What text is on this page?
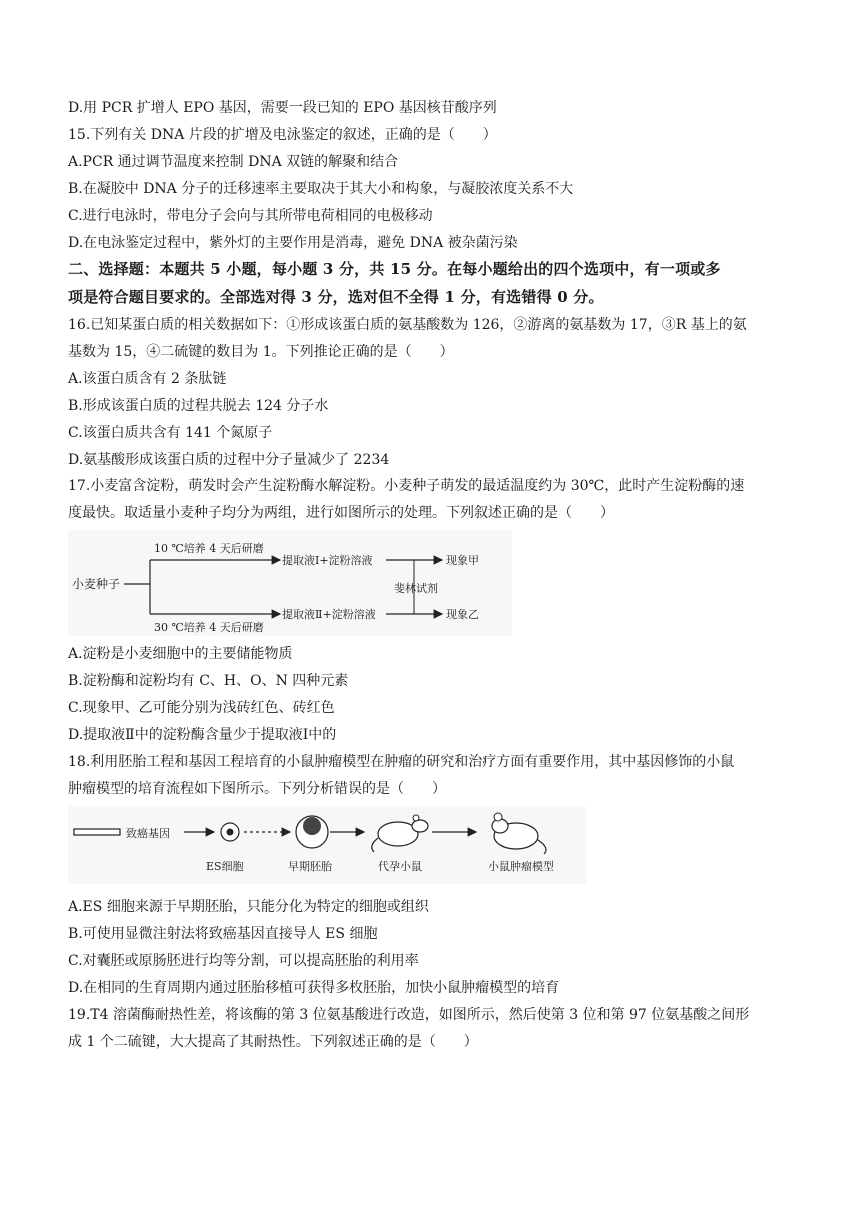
D.用 PCR 扩增人 EPO 基因，需要一段已知的 EPO 基因核苷酸序列
15.下列有关 DNA 片段的扩增及电泳鉴定的叙述，正确的是（　　）
A.PCR 通过调节温度来控制 DNA 双链的解聚和结合
B.在凝胶中 DNA 分子的迁移速率主要取决于其大小和构象，与凝胶浓度关系不大
C.进行电泳时，带电分子会向与其所带电荷相同的电极移动
D.在电泳鉴定过程中，紫外灯的主要作用是消毒，避免 DNA 被杂菌污染
二、选择题：本题共 5 小题，每小题 3 分，共 15 分。在每小题给出的四个选项中，有一项或多
项是符合题目要求的。全部选对得 3 分，选对但不全得 1 分，有选错得 0 分。
16.已知某蛋白质的相关数据如下：①形成该蛋白质的氨基酸数为 126，②游离的氨基数为 17，③R 基上的氨
基数为 15，④二硫键的数目为 1。下列推论正确的是（　　）
A.该蛋白质含有 2 条肽链
B.形成该蛋白质的过程共脱去 124 分子水
C.该蛋白质共含有 141 个氮原子
D.氨基酸形成该蛋白质的过程中分子量减少了 2234
17.小麦富含淀粉，萌发时会产生淀粉酶水解淀粉。小麦种子萌发的最适温度约为 30℃，此时产生淀粉酶的速
度最快。取适量小麦种子均分为两组，进行如图所示的处理。下列叙述正确的是（　　）
小麦种子
10 ℃培养 4 天后研磨
提取液Ⅰ+淀粉溶液
30 ℃培养 4 天后研磨
提取液Ⅱ+淀粉溶液
斐林试剂
现象甲
现象乙
A.淀粉是小麦细胞中的主要储能物质
B.淀粉酶和淀粉均有 C、H、O、N 四种元素
C.现象甲、乙可能分别为浅砖红色、砖红色
D.提取液Ⅱ中的淀粉酶含量少于提取液Ⅰ中的
18.利用胚胎工程和基因工程培育的小鼠肿瘤模型在肿瘤的研究和治疗方面有重要作用，其中基因修饰的小鼠
肿瘤模型的培育流程如下图所示。下列分析错误的是（　　）
致癌基因
ES细胞	早期胚胎	代孕小鼠	小鼠肿瘤模型
A.ES 细胞来源于早期胚胎，只能分化为特定的细胞或组织
B.可使用显微注射法将致癌基因直接导人 ES 细胞
C.对囊胚或原肠胚进行均等分割，可以提高胚胎的利用率
D.在相同的生育周期内通过胚胎移植可获得多枚胚胎，加快小鼠肿瘤模型的培育
19.T4 溶菌酶耐热性差，将该酶的第 3 位氨基酸进行改造，如图所示，然后使第 3 位和第 97 位氨基酸之间形
成 1 个二硫键，大大提高了其耐热性。下列叙述正确的是（　　）
